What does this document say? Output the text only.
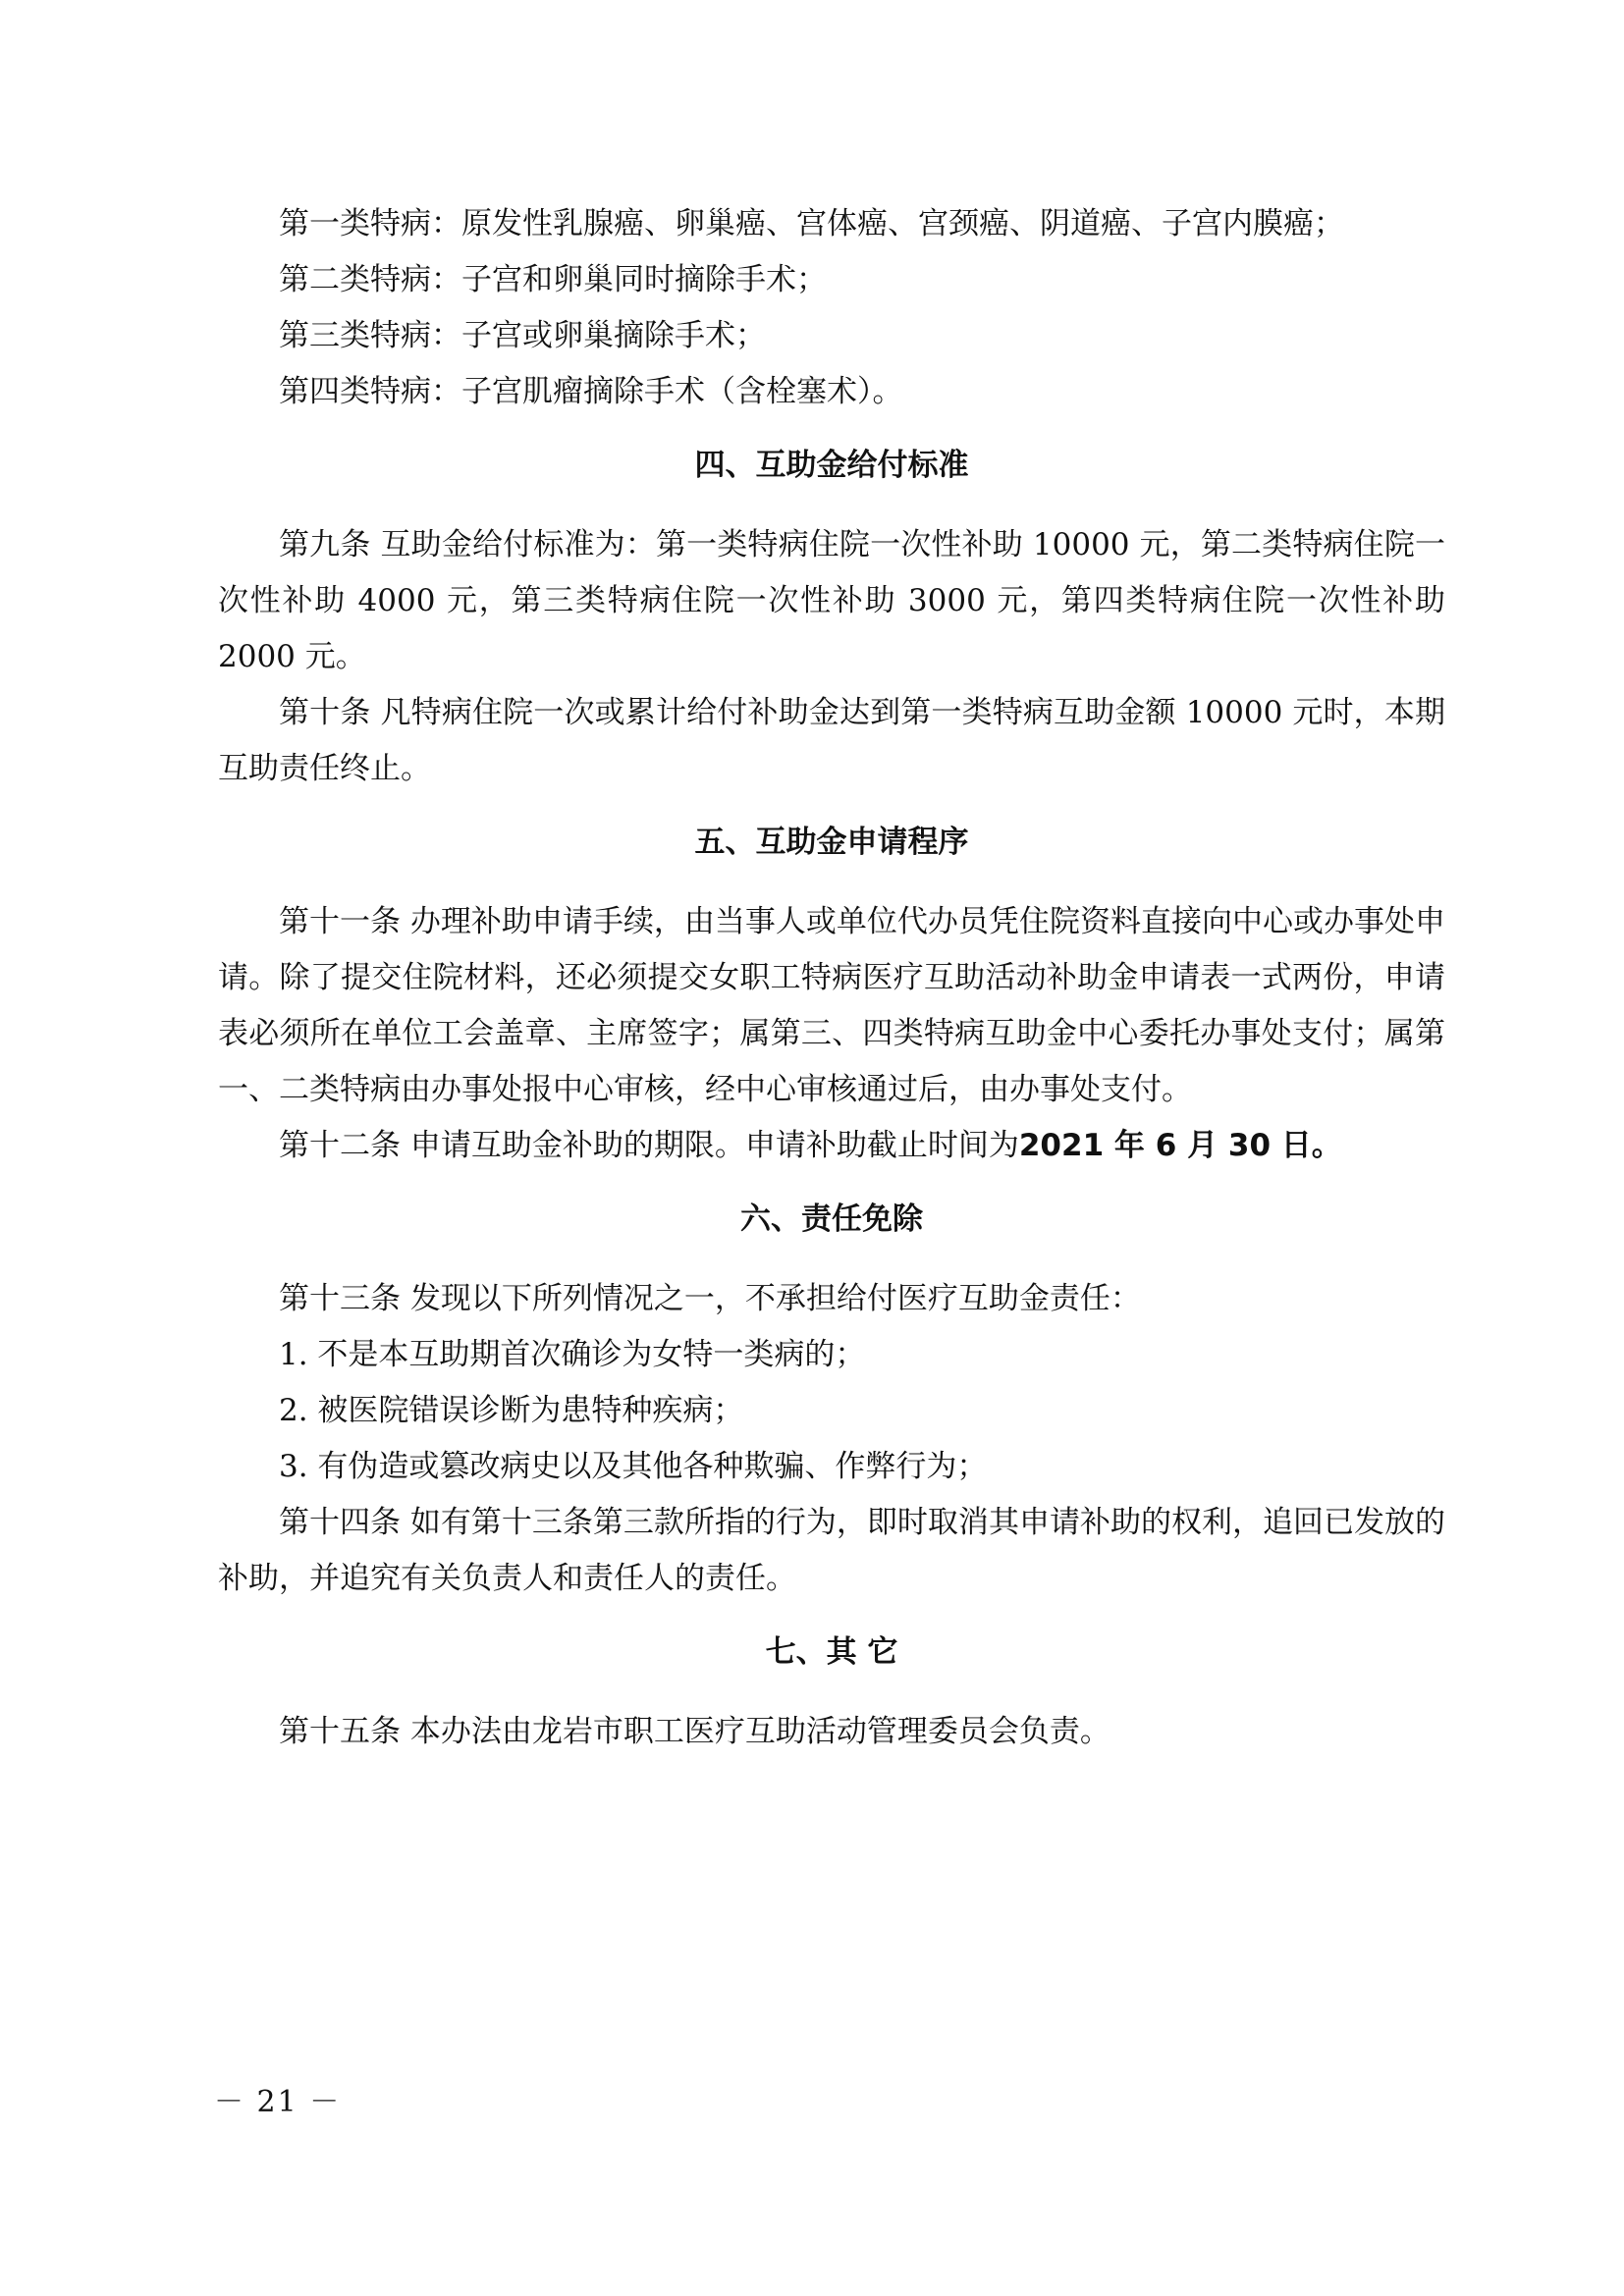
第一类特病：原发性乳腺癌、卵巢癌、宫体癌、宫颈癌、阴道癌、子宫内膜癌；
第二类特病：子宫和卵巢同时摘除手术；
第三类特病：子宫或卵巢摘除手术；
第四类特病：子宫肌瘤摘除手术（含栓塞术）。
四、互助金给付标准

第九条 互助金给付标准为：第一类特病住院一次性补助 10000 元，第二类特病住院一次性补助 4000 元，第三类特病住院一次性补助 3000 元，第四类特病住院一次性补助 2000 元。

第十条 凡特病住院一次或累计给付补助金达到第一类特病互助金额 10000 元时，本期互助责任终止。

五、互助金申请程序

第十一条 办理补助申请手续，由当事人或单位代办员凭住院资料直接向中心或办事处申请。除了提交住院材料，还必须提交女职工特病医疗互助活动补助金申请表一式两份，申请表必须所在单位工会盖章、主席签字；属第三、四类特病互助金中心委托办事处支付；属第一、二类特病由办事处报中心审核，经中心审核通过后，由办事处支付。

第十二条 申请互助金补助的期限。申请补助截止时间为2021 年 6 月 30 日。

六、责任免除
第十三条 发现以下所列情况之一，不承担给付医疗互助金责任：
1. 不是本互助期首次确诊为女特一类病的；
2. 被医院错误诊断为患特种疾病；
3. 有伪造或篡改病史以及其他各种欺骗、作弊行为；

第十四条 如有第十三条第三款所指的行为，即时取消其申请补助的权利，追回已发放的补助，并追究有关负责人和责任人的责任。

七、其 它
第十五条 本办法由龙岩市职工医疗互助活动管理委员会负责。
－ 21 －
